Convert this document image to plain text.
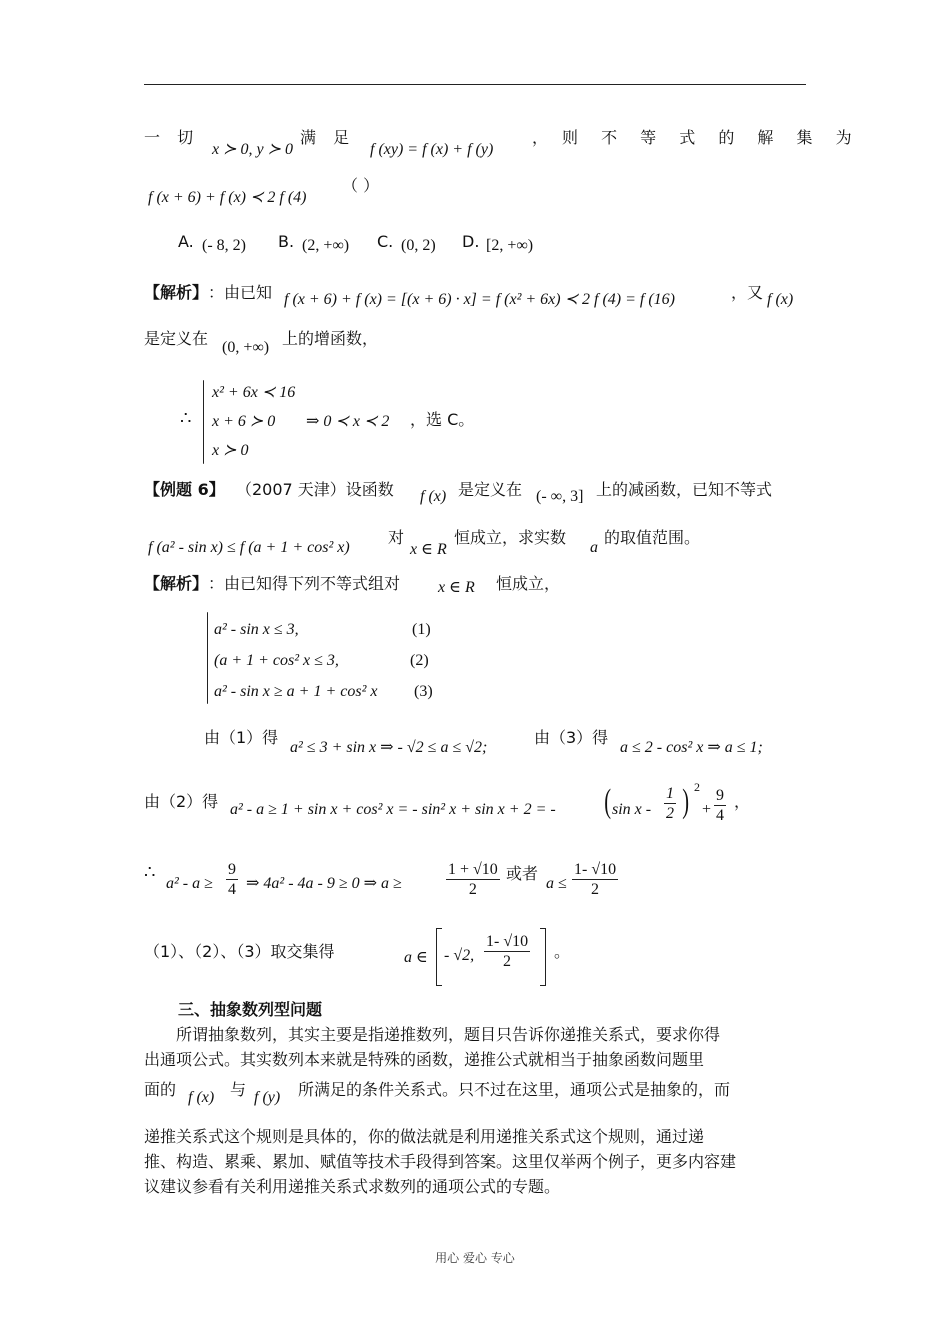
一 切
x ≻ 0, y ≻ 0
满 足
f (xy) = f (x) + f (y)
， 则 不 等 式 的 解 集 为
f (x + 6) + f (x) ≺ 2 f (4)
（ ）
A. (- 8, 2) B. (2, +∞) C. (0, 2) D. [2, +∞)
【解析】 ：由已知 f (x + 6) + f (x) = [(x + 6) · x] = f (x² + 6x) ≺ 2 f (4) = f (16)	，又 f (x)
是定义在 (0, +∞) 上的增函数，
∴
x² + 6x ≺ 16
x + 6 ≻ 0
x ≻ 0
⇒ 0 ≺ x ≺ 2 ，选 C。
【例题 6】 （2007 天津）设函数 f (x) 是定义在 (- ∞, 3] 上的减函数，已知不等式
f (a² - sin x) ≤ f (a + 1 + cos² x)
对
x ∈ R
恒成立，求实数
a
的取值范围。
【解析】 ：由已知得下列不等式组对 x ∈ R 恒成立，
a² - sin x ≤ 3,	(1)
(a + 1 + cos² x ≤ 3,	(2)
a² - sin x ≥ a + 1 + cos² x (3)
由（1）得
a² ≤ 3 + sin x ⇒ - √2 ≤ a ≤ √2;
由（3）得
a ≤ 2 - cos² x ⇒ a ≤ 1;
由（2）得 a² - a ≥ 1 + sin x + cos² x = - sin² x + sin x + 2 = - ( sin x - $\frac{1}{2}$ ) 2
+ $\frac{9}{4}$ ，
∴
$a^2 - a \ge \frac{9}{4}$ ⇒ 4a² - 4a - 9 ≥ 0 ⇒ a ≥	$\frac{1 + √10}{2}$ 或者
$a \le \frac{1- √10}{2}$
（1）、（2）、（3）取交集得	a ∈ - √2, $\frac{1- √10}{2}$ 。
三、抽象数列型问题
所谓抽象数列，其实主要是指递推数列，题目只告诉你递推关系式，要求你得
出通项公式。其实数列本来就是特殊的函数，递推公式就相当于抽象函数问题里
面的 f (x) 与 f (y) 所满足的条件关系式。只不过在这里，通项公式是抽象的，而
递推关系式这个规则是具体的，你的做法就是利用递推关系式这个规则，通过递
推、构造、累乘、累加、赋值等技术手段得到答案。这里仅举两个例子，更多内容建
议建议参看有关利用递推关系式求数列的通项公式的专题。
用心 爱心 专心
